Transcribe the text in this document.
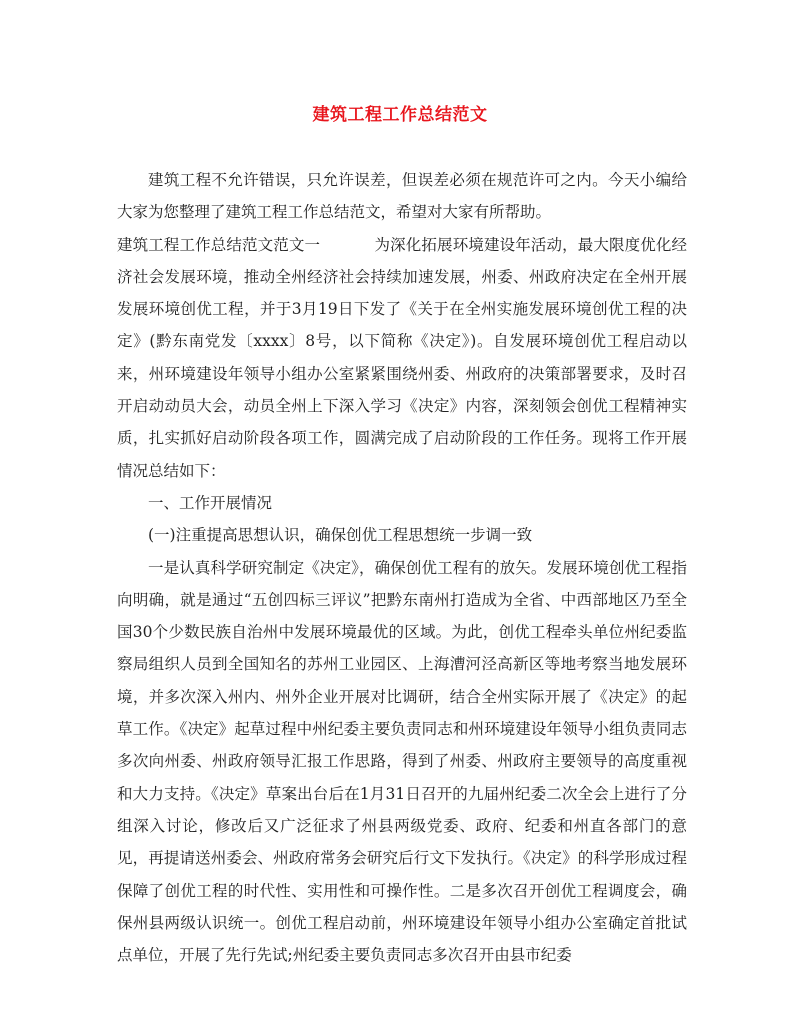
建筑工程工作总结范文

建筑工程不允许错误，只允许误差，但误差必须在规范许可之内。今天小编给大家为您整理了建筑工程工作总结范文，希望对大家有所帮助。

建筑工程工作总结范文范文一	为深化拓展环境建设年活动，最大限度优化经济社会发展环境，推动全州经济社会持续加速发展，州委、州政府决定在全州开展发展环境创优工程，并于3月19日下发了《关于在全州实施发展环境创优工程的决定》(黔东南党发〔xxxx〕8号，以下简称《决定》)。自发展环境创优工程启动以来，州环境建设年领导小组办公室紧紧围绕州委、州政府的决策部署要求，及时召开启动动员大会，动员全州上下深入学习《决定》内容，深刻领会创优工程精神实质，扎实抓好启动阶段各项工作，圆满完成了启动阶段的工作任务。现将工作开展情况总结如下：

一、工作开展情况

(一)注重提高思想认识，确保创优工程思想统一步调一致

一是认真科学研究制定《决定》，确保创优工程有的放矢。发展环境创优工程指向明确，就是通过“五创四标三评议”把黔东南州打造成为全省、中西部地区乃至全国30个少数民族自治州中发展环境最优的区域。为此，创优工程牵头单位州纪委监察局组织人员到全国知名的苏州工业园区、上海漕河泾高新区等地考察当地发展环境，并多次深入州内、州外企业开展对比调研，结合全州实际开展了《决定》的起草工作。《决定》起草过程中州纪委主要负责同志和州环境建设年领导小组负责同志多次向州委、州政府领导汇报工作思路，得到了州委、州政府主要领导的高度重视和大力支持。《决定》草案出台后在1月31日召开的九届州纪委二次全会上进行了分组深入讨论，修改后又广泛征求了州县两级党委、政府、纪委和州直各部门的意见，再提请送州委会、州政府常务会研究后行文下发执行。《决定》的科学形成过程保障了创优工程的时代性、实用性和可操作性。二是多次召开创优工程调度会，确保州县两级认识统一。创优工程启动前，州环境建设年领导小组办公室确定首批试点单位，开展了先行先试;州纪委主要负责同志多次召开由县市纪委
